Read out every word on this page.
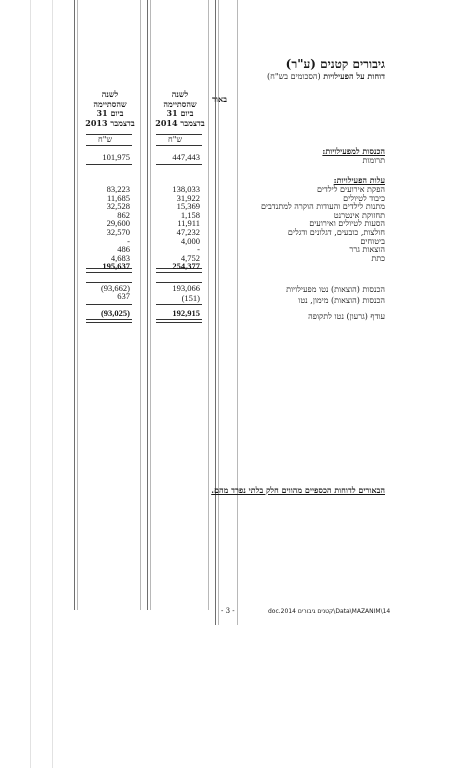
גיבורים קטנים (ע"ר)
דוחות על הפעילויות (הסכומים בש"ח)
באור
לשנה
שהסתיימה
ביום 31
בדצמבר 2014
לשנה
שהסתיימה
ביום 31
בדצמבר 2013
ש"ח
ש"ח
הכנסות למפעילויות:
תרומות
447,443
101,975
עלות הפעילויות:
הפקת אירועים לילדים
138,033
83,223
כיבוד לטיולים
31,922
11,685
מתנות לילדים והעודות הוקרה למתנדבים
15,369
32,528
תחזוקת אינטרנט
1,158
862
הסעות לטיולים ואירועים
11,911
29,600
חולצות, כובעים, דגלונים ודגלים
47,232
32,570
ביטוחים
4,000
-
הוצאות גרר
-
486
כתת
4,752
4,683
254,377
195,637
הכנסות (הוצאות) נטו מפעילויות
193,066
(93,662)
הכנסות (הוצאות) מימון, נטו
(151)
637
עודף (גרעון) נטו לתקופה
192,915
(93,025)
הבאורים לדוחות הכספיים מהווים חלק בלתי נפרד מהם.
- 3 -	doc.2014 קטנים גיבורים\Data\MAZANIM\14
